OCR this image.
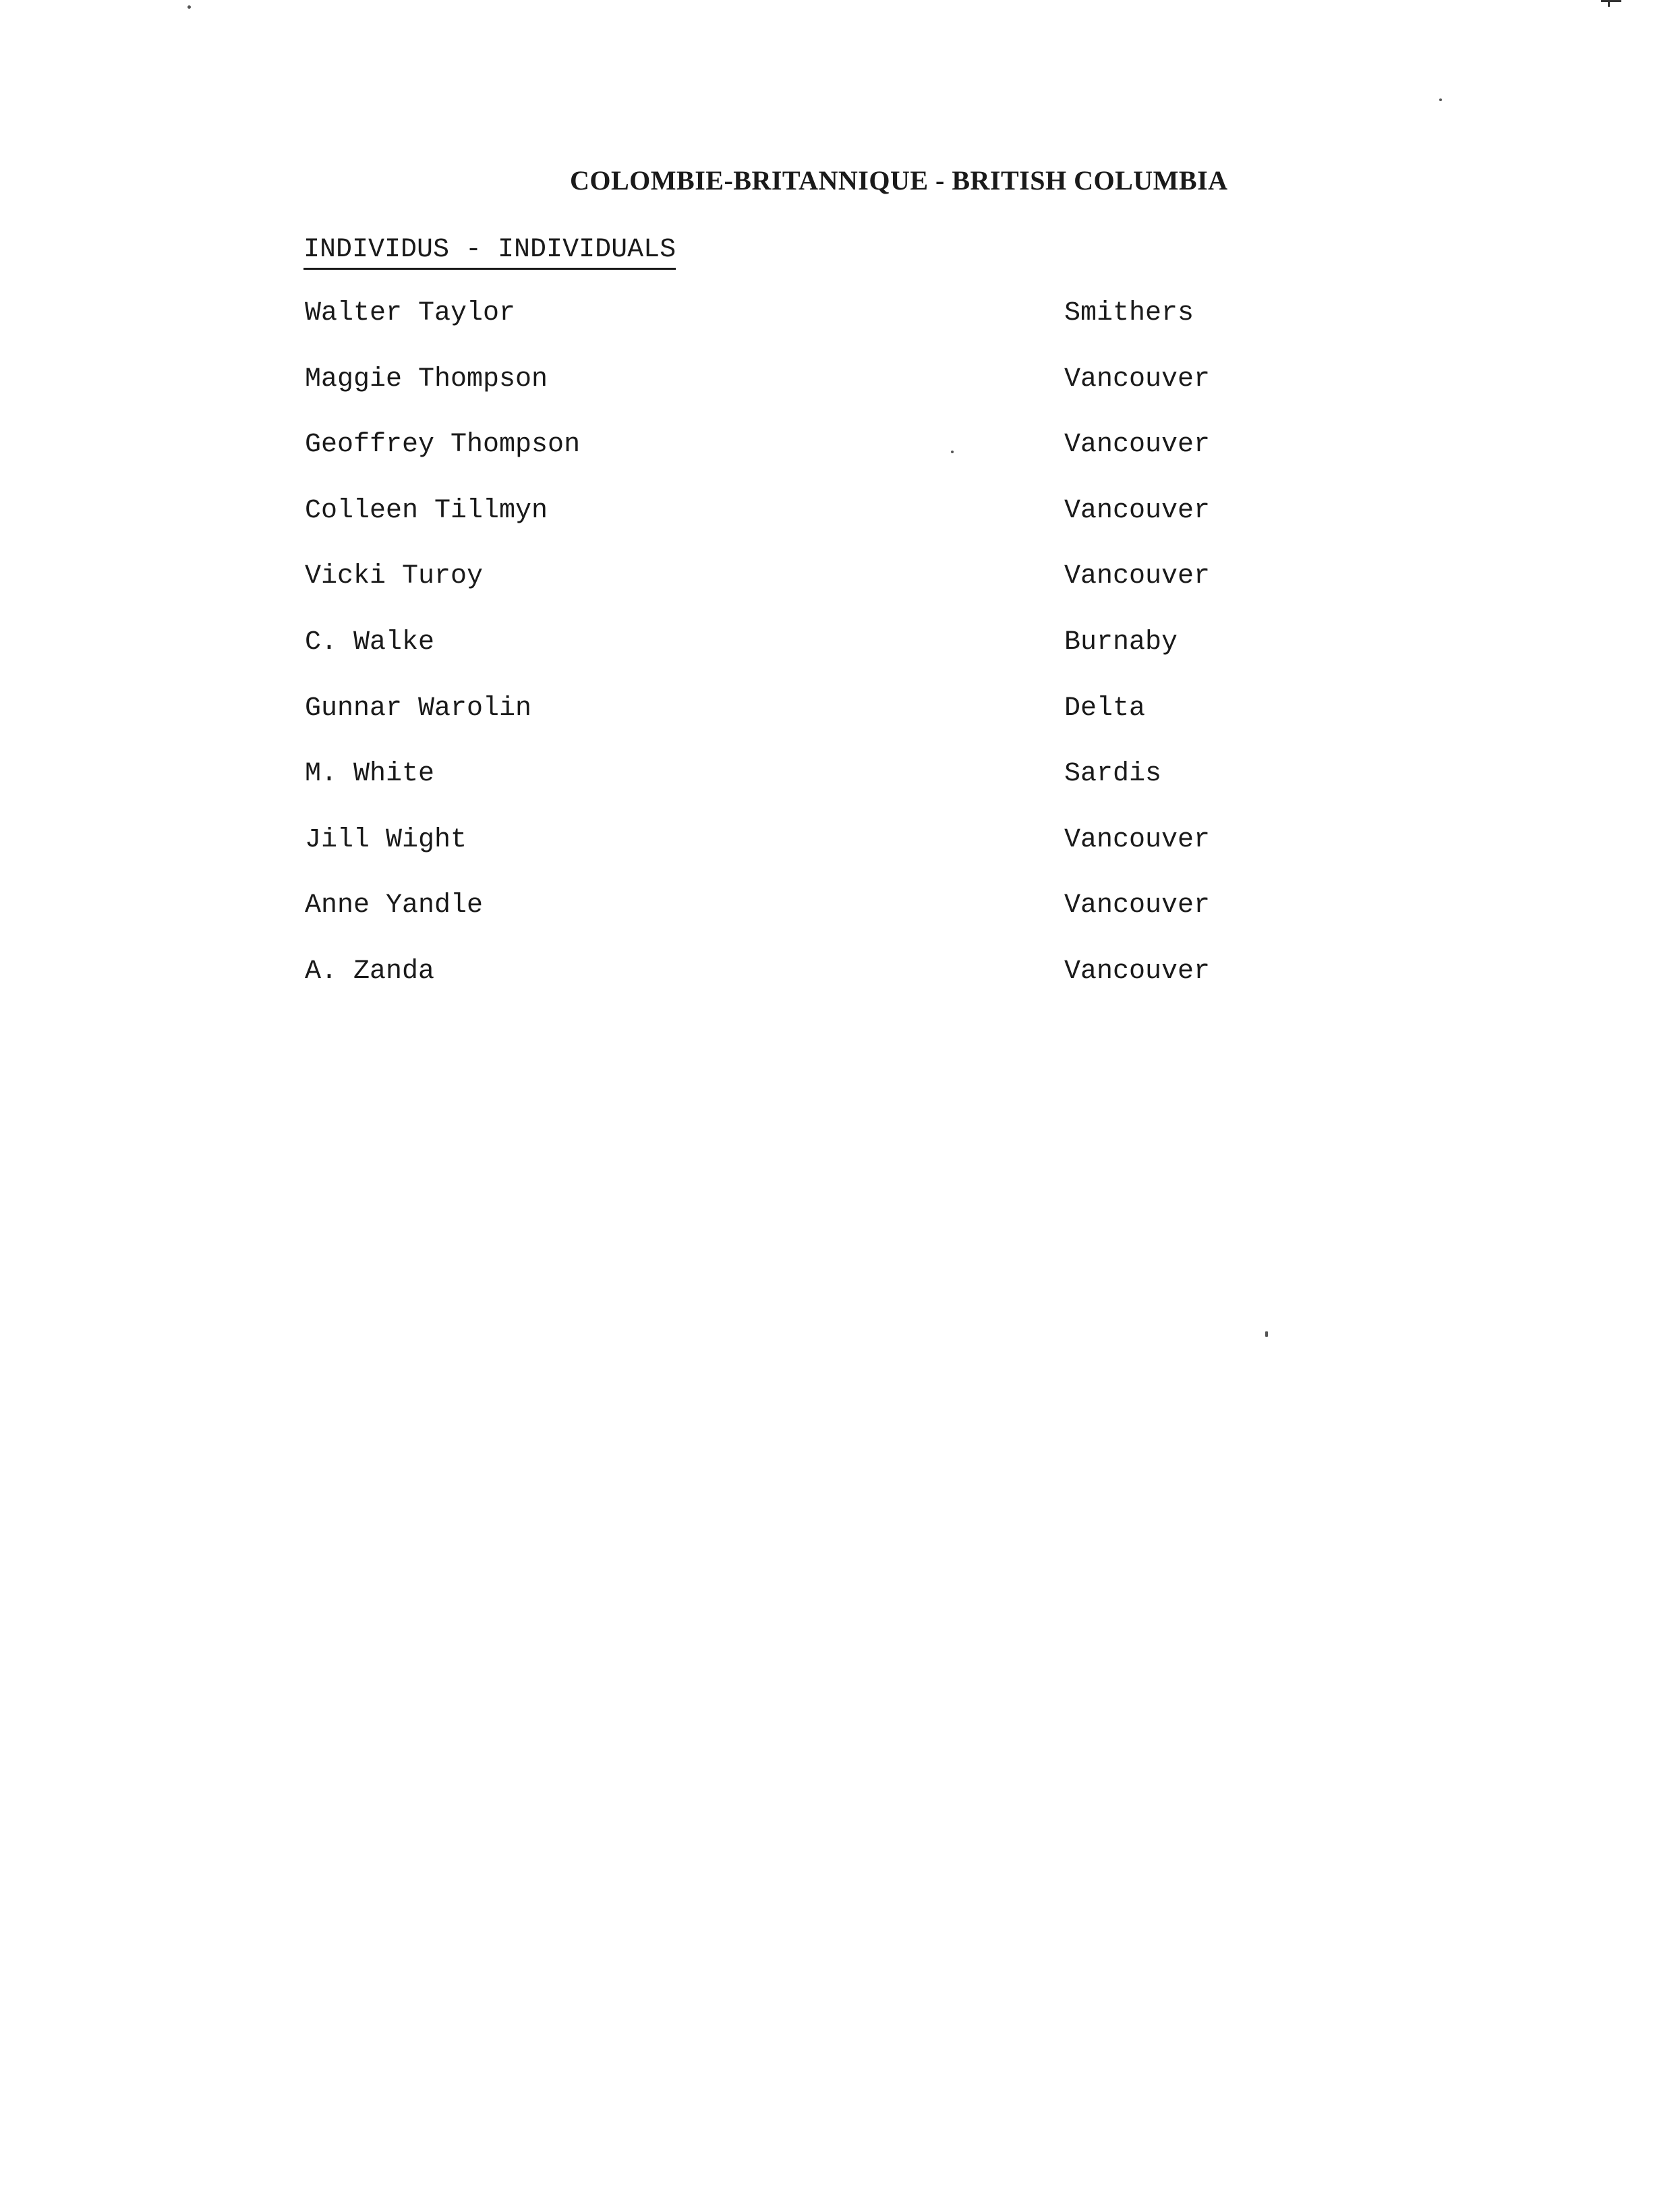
COLOMBIE-BRITANNIQUE - BRITISH COLUMBIA
INDIVIDUS - INDIVIDUALS
Walter Taylor	Smithers
Maggie Thompson	Vancouver
Geoffrey Thompson	Vancouver
Colleen Tillmyn	Vancouver
Vicki Turoy	Vancouver
C. Walke	Burnaby
Gunnar Warolin	Delta
M. White	Sardis
Jill Wight	Vancouver
Anne Yandle	Vancouver
A. Zanda	Vancouver
